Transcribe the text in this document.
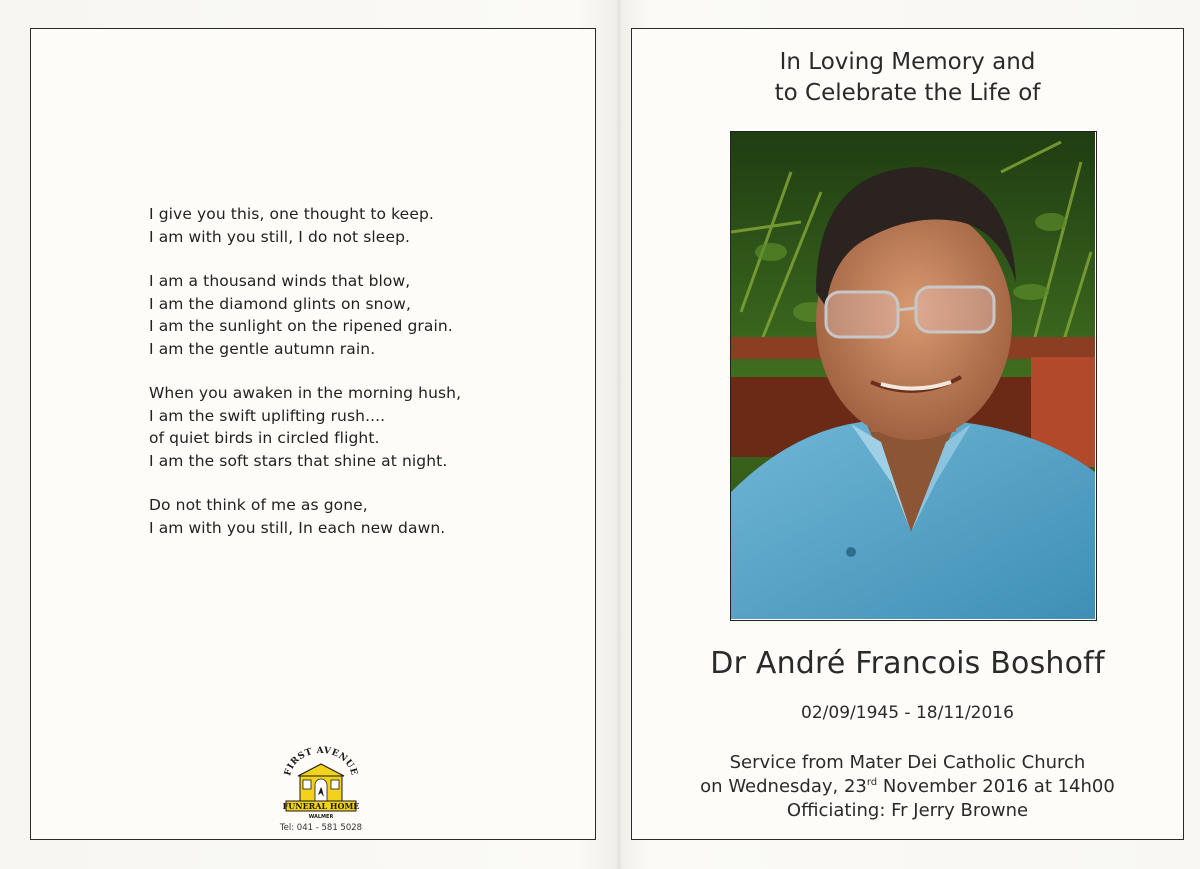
I give you this, one thought to keep.
I am with you still, I do not sleep.
I am a thousand winds that blow,
I am the diamond glints on snow,
I am the sunlight on the ripened grain.
I am the gentle autumn rain.
When you awaken in the morning hush,
I am the swift uplifting rush....
of quiet birds in circled flight.
I am the soft stars that shine at night.
Do not think of me as gone,
I am with you still, In each new dawn.
FIRST AVENUE
FUNERAL HOME
WALMER
Tel: 041 - 581 5028
In Loving Memory and
to Celebrate the Life of
Dr André Francois Boshoff
02/09/1945 - 18/11/2016
Service from Mater Dei Catholic Church
on Wednesday, 23rd November 2016 at 14h00
Officiating: Fr Jerry Browne
